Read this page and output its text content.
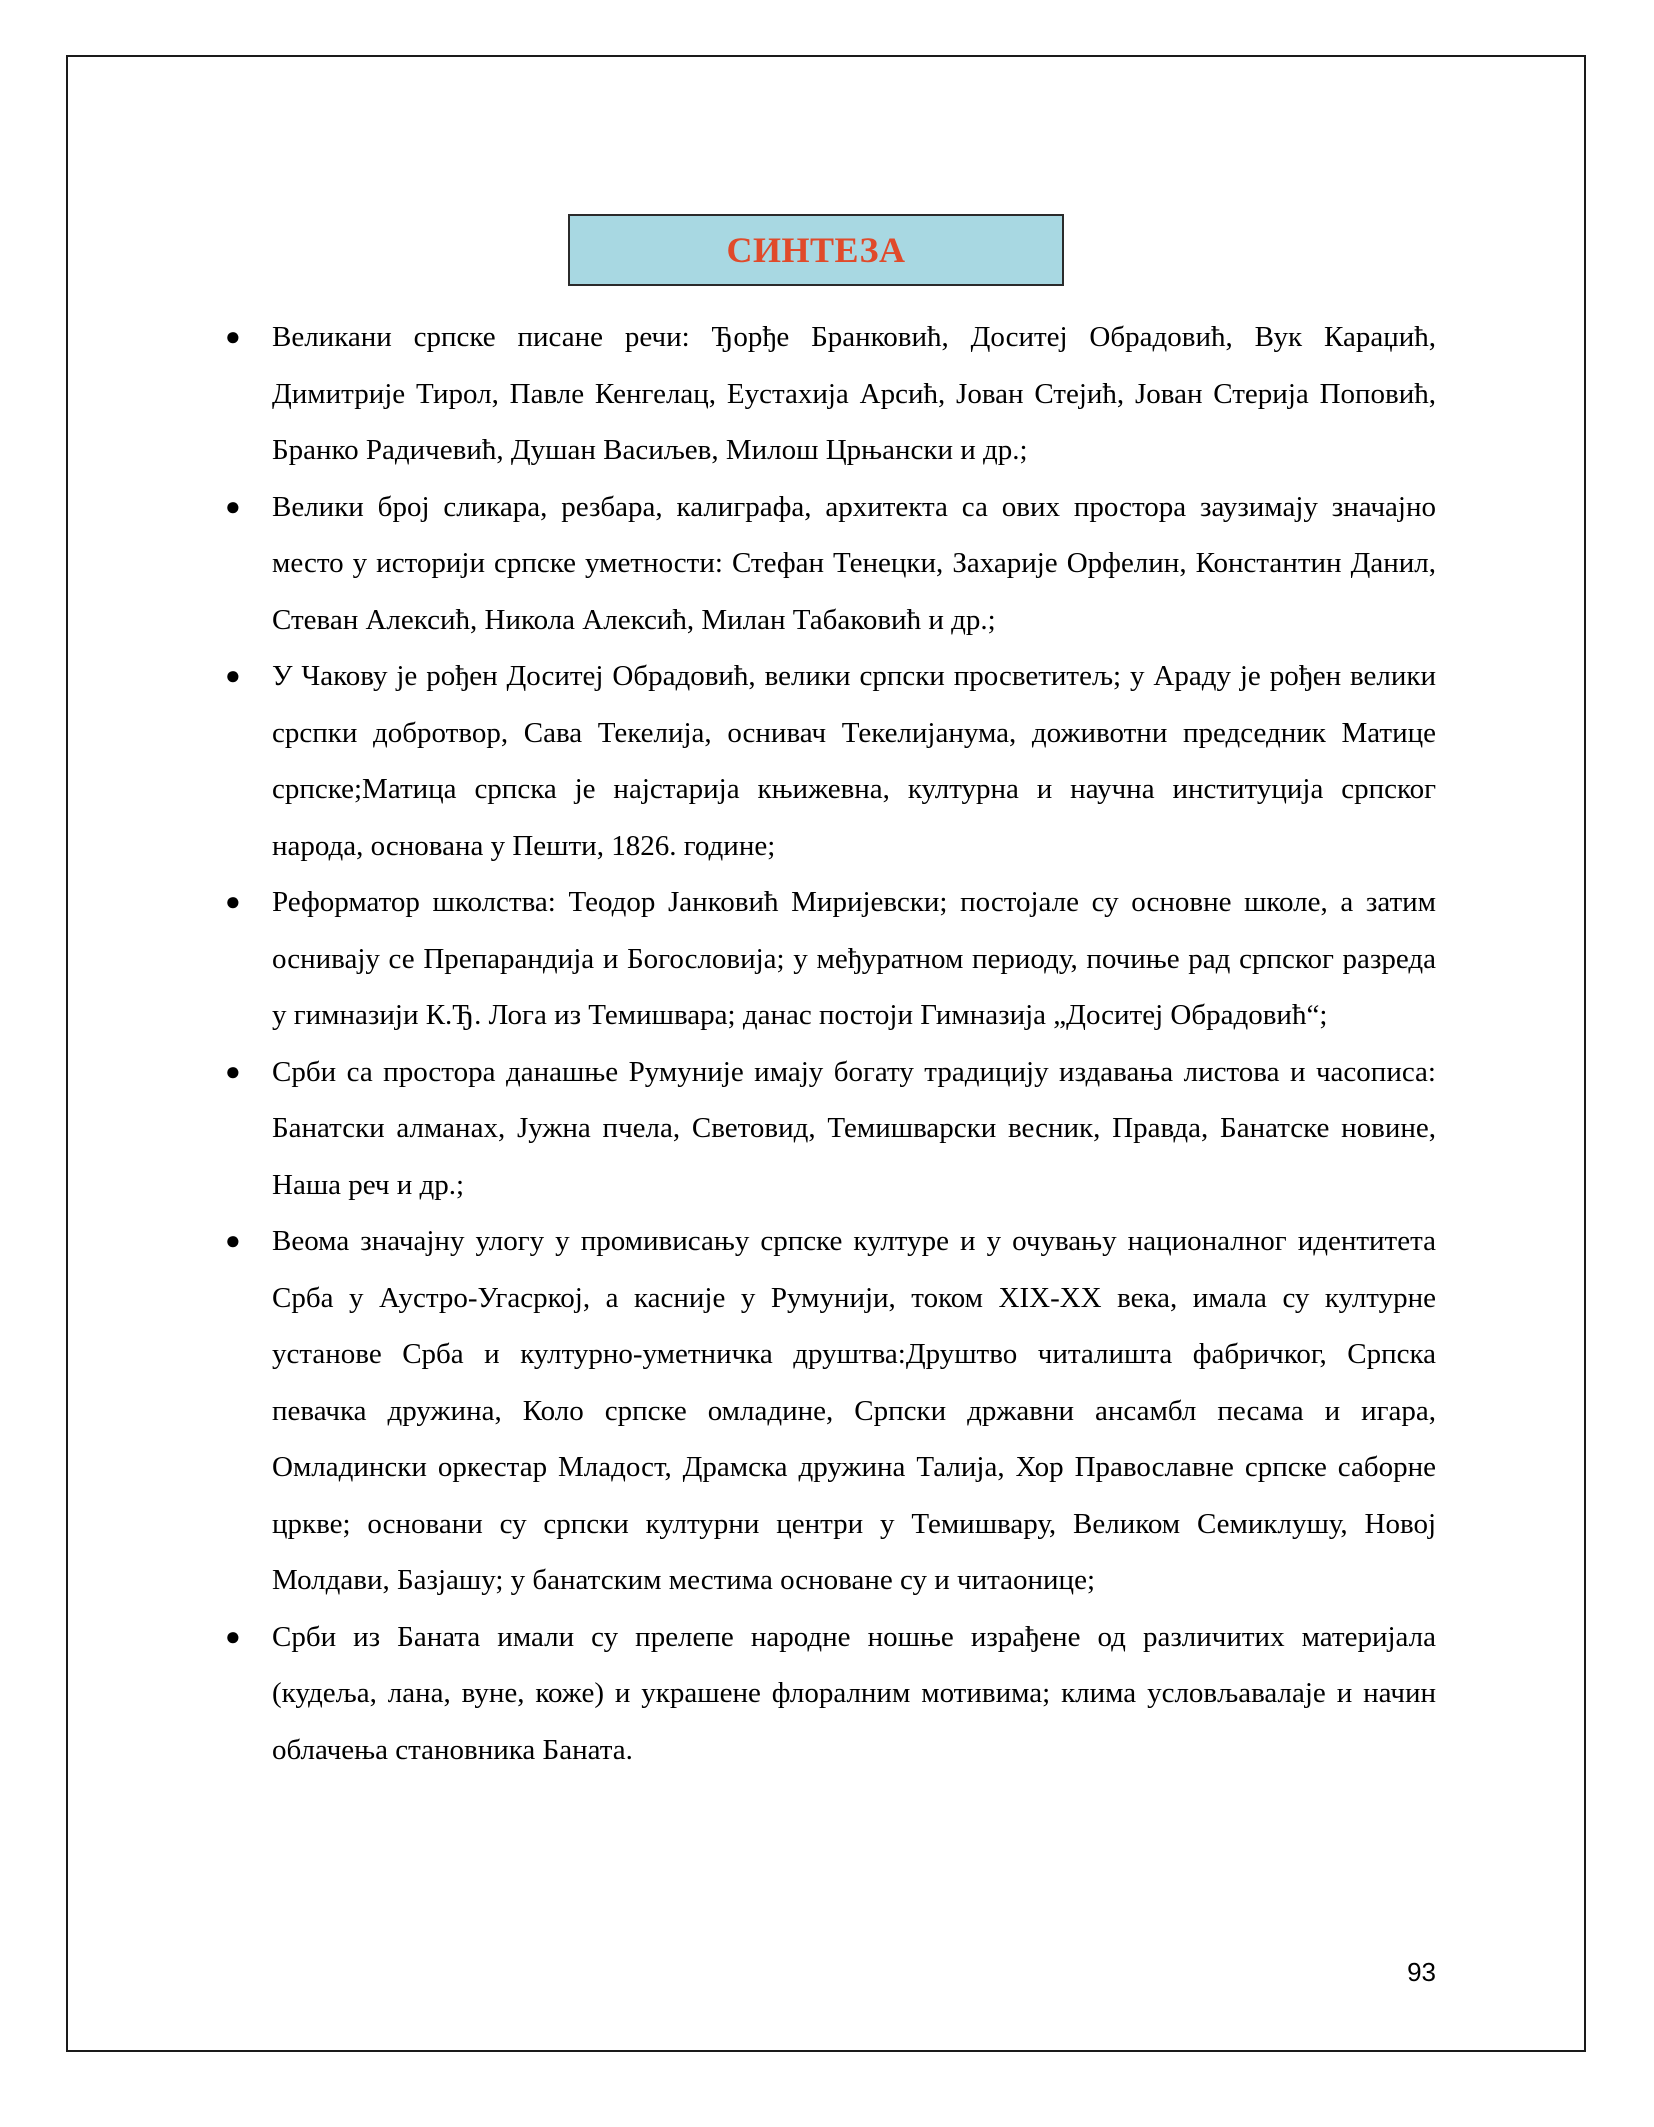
СИНТЕЗА
● Великани српске писане речи: Ђорђе Бранковић, Доситеј Обрадовић, Вук Караџић, Димитрије Тирол, Павле Кенгелац, Еустахија Арсић, Јован Стејић, Јован Стерија Поповић, Бранко Радичевић, Душан Васиљев, Милош Црњански и др.;
● Велики број сликара, резбара, калиграфа, архитекта са ових простора заузимају значајно место у историји српске уметности: Стефан Тенецки, Захарије Орфелин, Константин Данил, Стеван Алексић, Никола Алексић, Милан Табаковић и др.;
● У Чакову је рођен Доситеј Обрадовић, велики српски просветитељ; у Араду је рођен велики срспки добротвор, Сава Текелија, оснивач Текелијанума, доживотни председник Матице српске;Матица српска је најстарија књижевна, културна и научна институција српског народа, основана у Пешти, 1826. године;
● Реформатор школства: Теодор Јанковић Миријевски; постојале су основне школе, а затим оснивају се Препарандија и Богословија; у међуратном периоду, почиње рад српског разреда у гимназији К.Ђ. Лога из Темишвара; данас постоји Гимназија „Доситеј Обрадовић“;
● Срби са простора данашње Румуније имају богату традицију издавања листова и часописа: Банатски алманах, Јужна пчела, Световид, Темишварски весник, Правда, Банатске новине, Наша реч и др.;
● Веома значајну улогу у промивисању српске културе и у очувању националног идентитета Срба у Аустро-Угасркој, а касније у Румунији, током XIX-XX века, имала су културне установе Срба и културно-уметничка друштва:Друштво читалишта фабричког, Српска певачка дружина, Коло српске омладине, Српски државни ансамбл песама и игара, Омладински оркестар Младост, Драмска дружина Талија, Хор Православне српске саборне цркве; основани су српски културни центри у Темишвару, Великом Семиклушу, Новој Молдави, Базјашу; у банатским местима основане су и читаонице;
● Срби из Баната имали су прелепе народне ношње израђене од различитих материјала (кудеља, лана, вуне, коже) и украшене флоралним мотивима; клима условљавалаје и начин облачења становника Баната.
93
